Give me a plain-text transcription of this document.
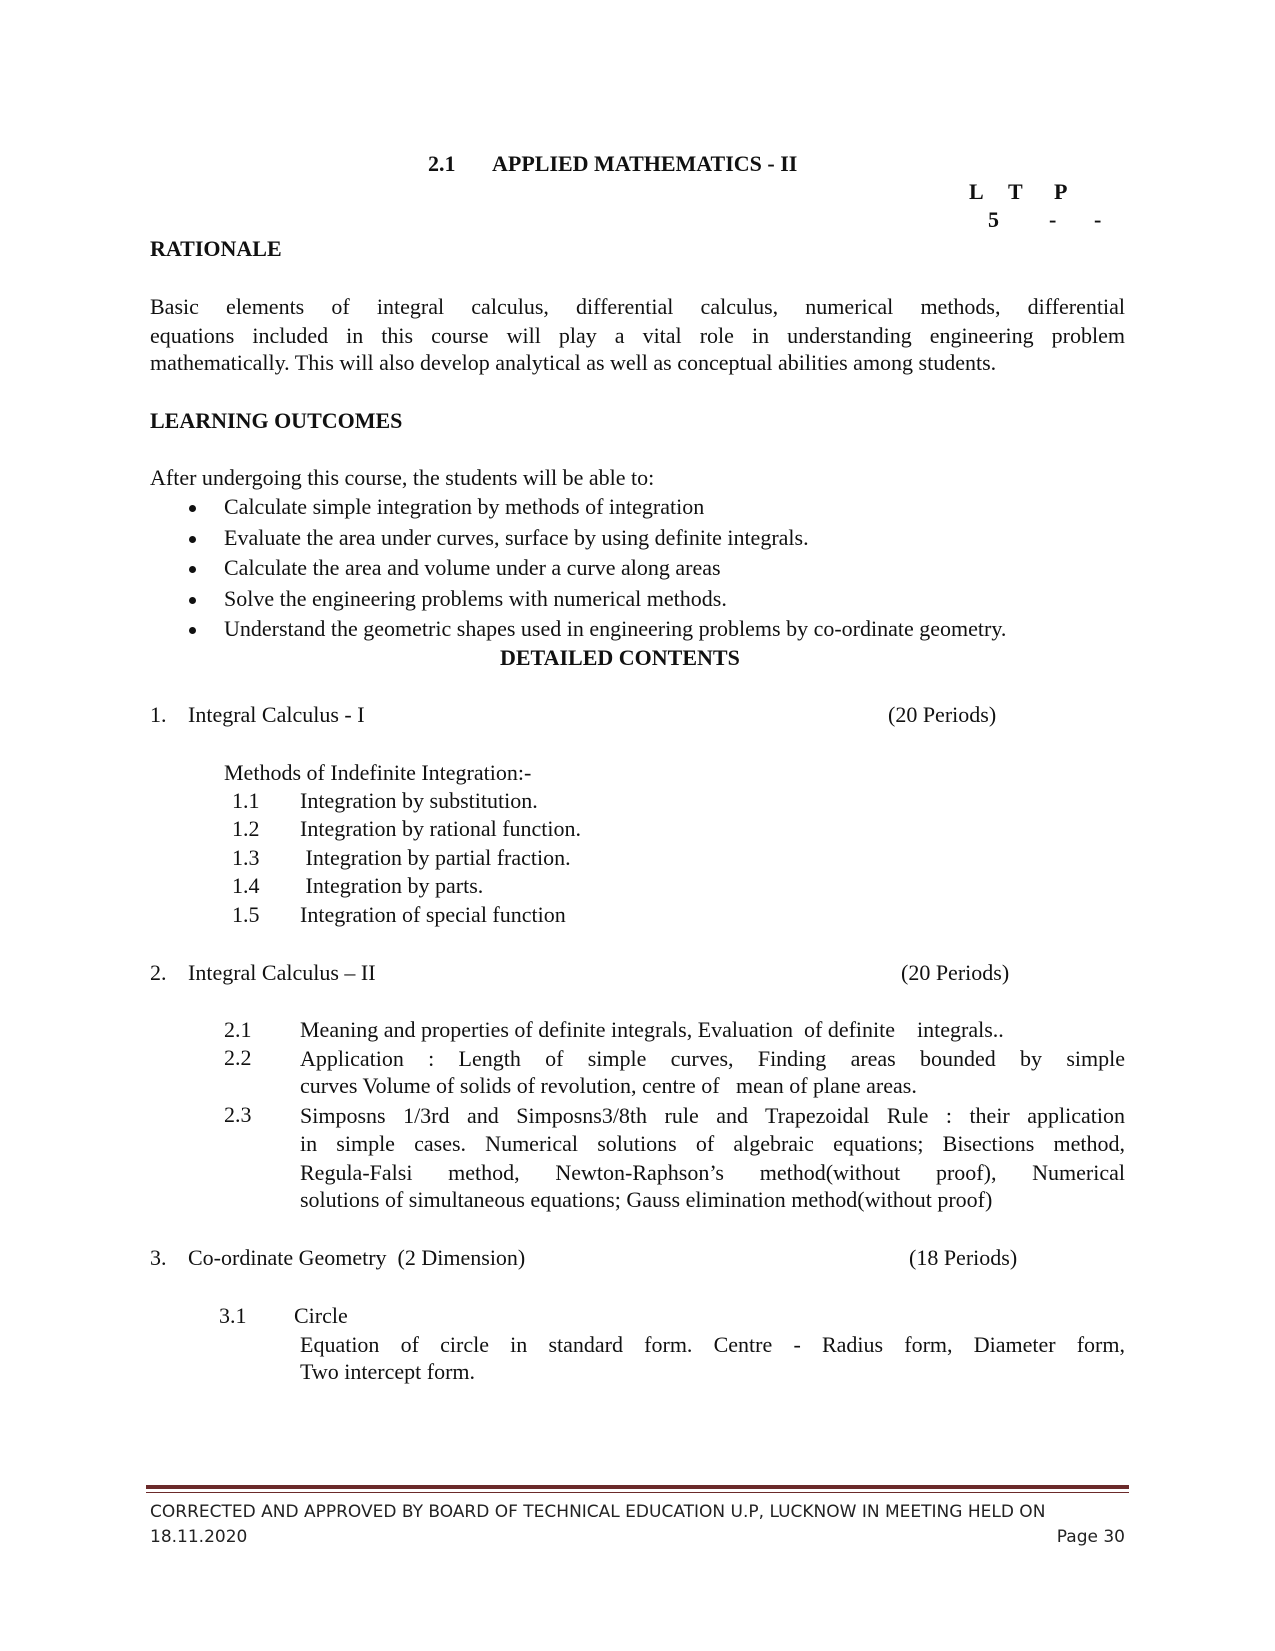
2.1 APPLIED MATHEMATICS - II
L T P
5 - -
RATIONALE
Basic elements of integral calculus, differential calculus, numerical methods, differential
equations included in this course will play a vital role in understanding engineering problem
mathematically. This will also develop analytical as well as conceptual abilities among students.
LEARNING OUTCOMES
After undergoing this course, the students will be able to:
Calculate simple integration by methods of integration
Evaluate the area under curves, surface by using definite integrals.
Calculate the area and volume under a curve along areas
Solve the engineering problems with numerical methods.
Understand the geometric shapes used in engineering problems by co-ordinate geometry.
DETAILED CONTENTS
1. Integral Calculus - I	(20 Periods)
Methods of Indefinite Integration:-
1.1 Integration by substitution.
1.2 Integration by rational function.
1.3 Integration by partial fraction.
1.4 Integration by parts.
1.5 Integration of special function
2. Integral Calculus – II	(20 Periods)
2.1 Meaning and properties of definite integrals, Evaluation  of definite    integrals..
2.2 Application : Length of simple curves, Finding areas bounded by simple
curves Volume of solids of revolution, centre of   mean of plane areas.
2.3 Simposns 1/3rd and Simposns3/8th rule and Trapezoidal Rule : their application
in simple cases. Numerical solutions of algebraic equations; Bisections method,
Regula-Falsi method, Newton-Raphson’s method(without proof), Numerical
solutions of simultaneous equations; Gauss elimination method(without proof)
3. Co-ordinate Geometry  (2 Dimension)	(18 Periods)
3.1 Circle
Equation of circle in standard form. Centre - Radius form, Diameter form,
Two intercept form.
CORRECTED AND APPROVED BY BOARD OF TECHNICAL EDUCATION U.P, LUCKNOW IN MEETING HELD ON
18.11.2020	Page 30
